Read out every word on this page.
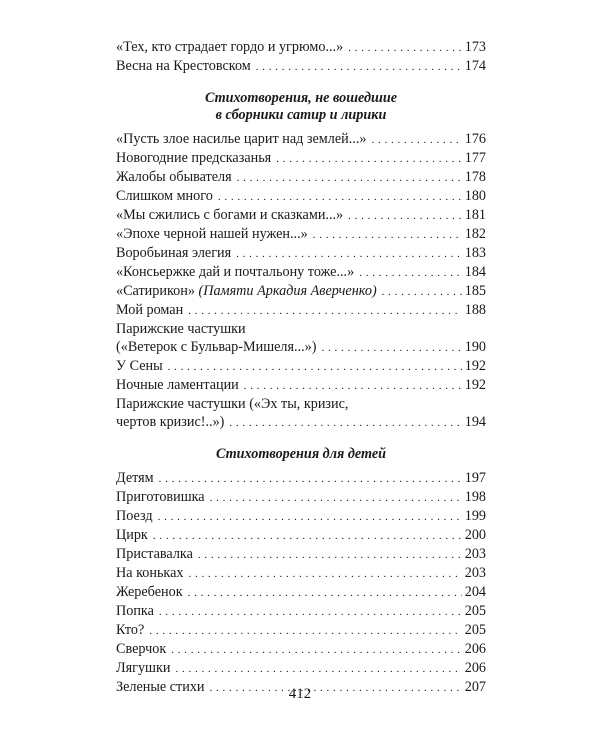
«Тех, кто страдает гордо и угрюмо...» . . .	173
Весна на Крестовском . . .	174
Стихотворения, не вошедшие
в сборники сатир и лирики
«Пусть злое насилье царит над землей...» . . .	176
Новогодние предсказанья . . .	177
Жалобы обывателя . . .	178
Слишком много . . .	180
«Мы сжились с богами и сказками...» . . .	181
«Эпохе черной нашей нужен...» . . .	182
Воробьиная элегия . . .	183
«Консьержке дай и почтальону тоже...» . . .	184
«Сатирикон» (Памяти Аркадия Аверченко) . . .	185
Мой роман . . .	188
Парижские частушки
(«Ветерок с Бульвар-Мишеля...») . . .	190
У Сены . . .	192
Ночные ламентации . . .	192
Парижские частушки («Эх ты, кризис,
чертов кризис!..») . . .	194
Стихотворения для детей
Детям . . .	197
Приготовишка . . .	198
Поезд . . .	199
Цирк . . .	200
Приставалка . . .	203
На коньках . . .	203
Жеребенок . . .	204
Попка . . .	205
Кто? . . .	205
Сверчок . . .	206
Лягушки . . .	206
Зеленые стихи . . .	207
412
